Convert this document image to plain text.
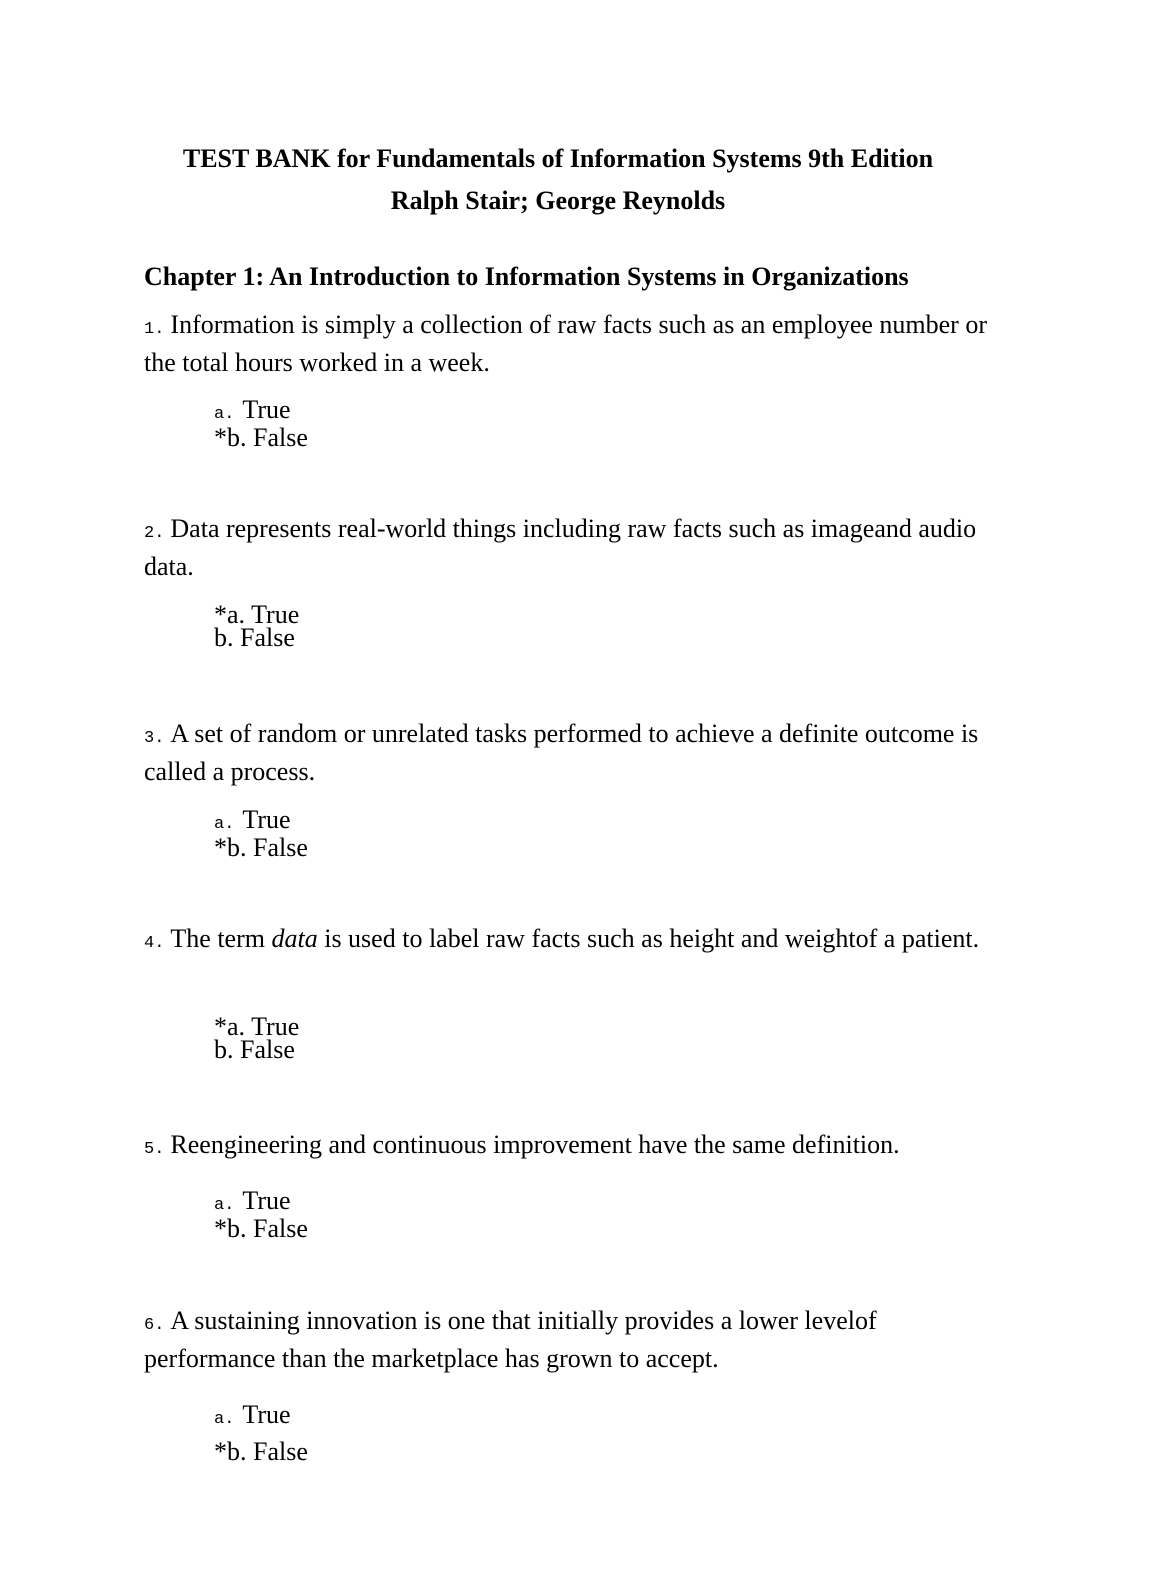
TEST BANK for Fundamentals of Information Systems 9th Edition
Ralph Stair; George Reynolds
Chapter 1: An Introduction to Information Systems in Organizations
1. Information is simply a collection of raw facts such as an employee number or the total hours worked in a week.
a. True
*b. False
2. Data represents real-world things including raw facts such as imageand audio data.
*a. True
b. False
3. A set of random or unrelated tasks performed to achieve a definite outcome is called a process.
a. True
*b. False
4. The term data is used to label raw facts such as height and weightof a patient.
*a. True
b. False
5. Reengineering and continuous improvement have the same definition.
a. True
*b. False
6. A sustaining innovation is one that initially provides a lower levelof performance than the marketplace has grown to accept.
a. True
*b. False
